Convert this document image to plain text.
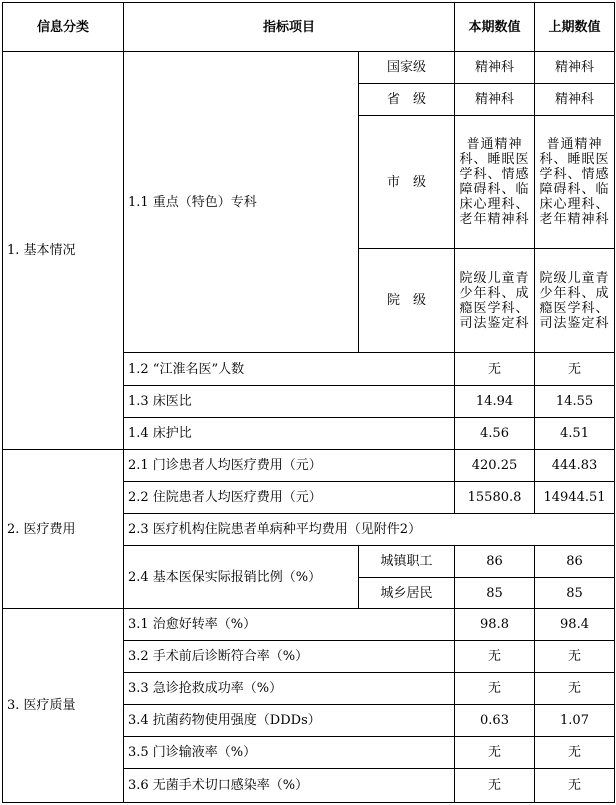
信息分类	指标项目		本期数值	上期数值
1. 基本情况	1.1 重点（特色）专科	国家级	精神科	精神科
		省　级	精神科	精神科
		市　级	普通精神科、睡眠医学科、情感障碍科、临床心理科、老年精神科	普通精神科、睡眠医学科、情感障碍科、临床心理科、老年精神科
		院　级	院级儿童青少年科、成瘾医学科、司法鉴定科	院级儿童青少年科、成瘾医学科、司法鉴定科
	1.2 “江淮名医”人数		无	无
	1.3 床医比		14.94	14.55
	1.4 床护比		4.56	4.51
2. 医疗费用	2.1 门诊患者人均医疗费用（元）		420.25	444.83
	2.2 住院患者人均医疗费用（元）		15580.8	14944.51
	2.3 医疗机构住院患者单病种平均费用（见附件2）			
	2.4 基本医保实际报销比例（%）	城镇职工	86	86
		城乡居民	85	85
3. 医疗质量	3.1 治愈好转率（%）		98.8	98.4
	3.2 手术前后诊断符合率（%）		无	无
	3.3 急诊抢救成功率（%）		无	无
	3.4 抗菌药物使用强度（DDDs）		0.63	1.07
	3.5 门诊输液率（%）		无	无
	3.6 无菌手术切口感染率（%）		无	无
